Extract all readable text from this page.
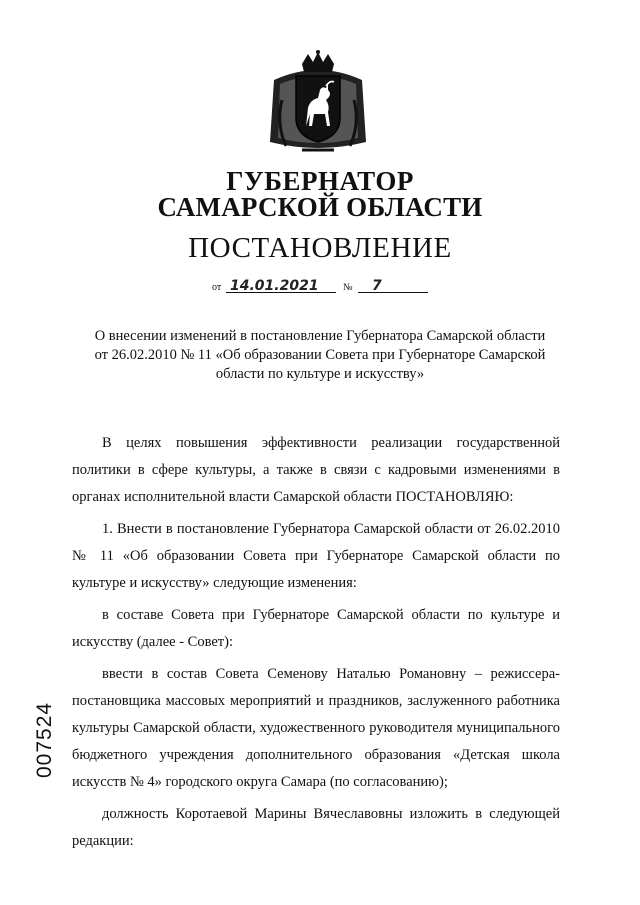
ГУБЕРНАТОР
САМАРСКОЙ ОБЛАСТИ
ПОСТАНОВЛЕНИЕ
от 14.01.2021 № 7
О внесении изменений в постановление Губернатора Самарской области
от 26.02.2010 № 11 «Об образовании Совета при Губернаторе Самарской
области по культуре и искусству»

В целях повышения эффективности реализации государственной политики в сфере культуры, а также в связи с кадровыми изменениями в органах исполнительной власти Самарской области ПОСТАНОВЛЯЮ:

1. Внести в постановление Губернатора Самарской области от 26.02.2010 № 11 «Об образовании Совета при Губернаторе Самарской области по культуре и искусству» следующие изменения:

в составе Совета при Губернаторе Самарской области по культуре и искусству (далее - Совет):

ввести в состав Совета Семенову Наталью Романовну – режиссера-постановщика массовых мероприятий и праздников, заслуженного работника культуры Самарской области, художественного руководителя муниципального бюджетного учреждения дополнительного образования «Детская школа искусств № 4» городского округа Самара (по согласованию);

должность Коротаевой Марины Вячеславовны изложить в следующей редакции:

007524
